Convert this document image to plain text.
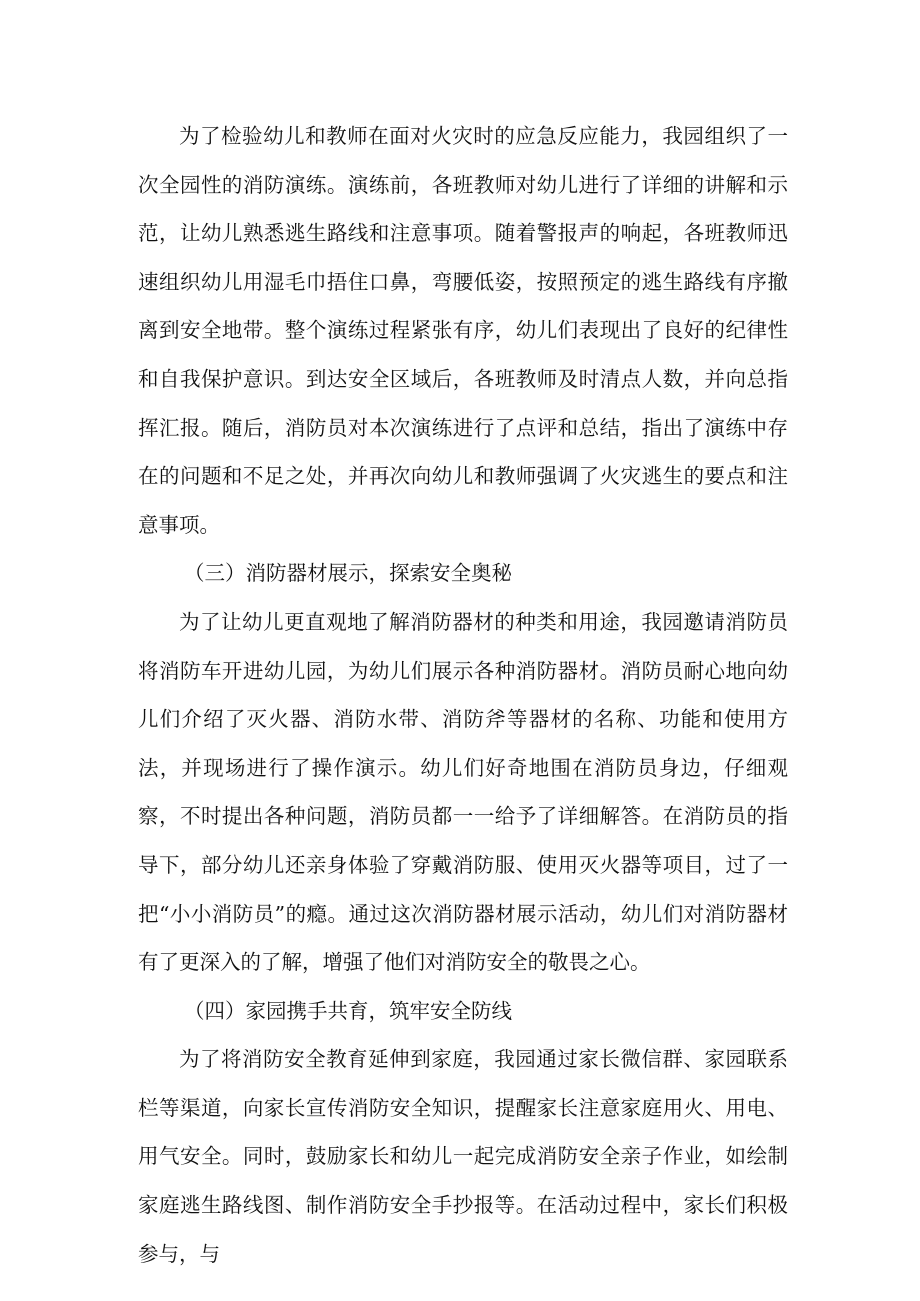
为了检验幼儿和教师在面对火灾时的应急反应能力，我园组织了一次全园性的消防演练。演练前，各班教师对幼儿进行了详细的讲解和示范，让幼儿熟悉逃生路线和注意事项。随着警报声的响起，各班教师迅速组织幼儿用湿毛巾捂住口鼻，弯腰低姿，按照预定的逃生路线有序撤离到安全地带。整个演练过程紧张有序，幼儿们表现出了良好的纪律性和自我保护意识。到达安全区域后，各班教师及时清点人数，并向总指挥汇报。随后，消防员对本次演练进行了点评和总结，指出了演练中存在的问题和不足之处，并再次向幼儿和教师强调了火灾逃生的要点和注意事项。

（三）消防器材展示，探索安全奥秘

为了让幼儿更直观地了解消防器材的种类和用途，我园邀请消防员将消防车开进幼儿园，为幼儿们展示各种消防器材。消防员耐心地向幼儿们介绍了灭火器、消防水带、消防斧等器材的名称、功能和使用方法，并现场进行了操作演示。幼儿们好奇地围在消防员身边，仔细观察，不时提出各种问题，消防员都一一给予了详细解答。在消防员的指导下，部分幼儿还亲身体验了穿戴消防服、使用灭火器等项目，过了一把“小小消防员”的瘾。通过这次消防器材展示活动，幼儿们对消防器材有了更深入的了解，增强了他们对消防安全的敬畏之心。

（四）家园携手共育，筑牢安全防线

为了将消防安全教育延伸到家庭，我园通过家长微信群、家园联系栏等渠道，向家长宣传消防安全知识，提醒家长注意家庭用火、用电、用气安全。同时，鼓励家长和幼儿一起完成消防安全亲子作业，如绘制家庭逃生路线图、制作消防安全手抄报等。在活动过程中，家长们积极参与，与
